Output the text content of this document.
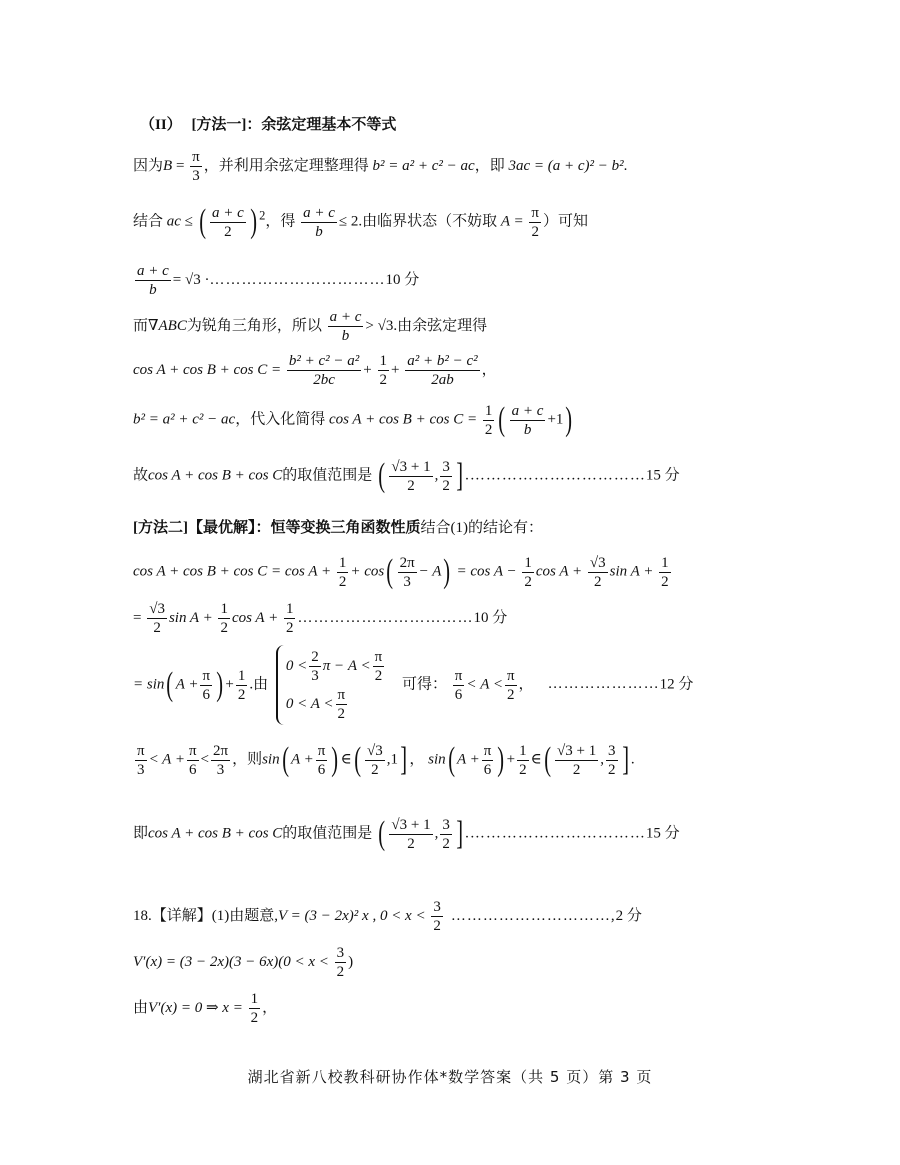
（II） [方法一]：余弦定理基本不等式
因为$B = \frac{\pi}{3}$ ，并利用余弦定理整理得 b² = a² + c² − ac，即 3ac = (a + c)² − b².
结合 ac ≤ ( $\frac{a + c}{2}$ ) $^2$，得 $\frac{a + c}{b} \le 2$.由临界状态（不妨取 $A = \frac{\pi}{2}$ ）可知
$\frac{a + c}{b} = √3$ ·……………………………10 分
而∇ABC为锐角三角形，所以 $\frac{a + c}{b} > √3$.由余弦定理得
$\cos A + \cos B + \cos C = \frac{\text{b² + c² − a²}}{2bc} + \frac{1}{2} + \frac{\text{a² + b² − c²}}{2ab}$ ，
b² = a² + c² − ac，代入化简得 $\cos A + \cos B + \cos C = \frac{1}{2}$ ( $\frac{a + c}{b} +1$)
故cos A + cos B + cos C的取值范围是 ( $\frac{√3 + 1}{2}$ , $\frac{3}{2}$ ] .……………………………15 分
[方法二]【最优解】：恒等变换三角函数性质结合(1)的结论有：
$\cos A + \cos B + \cos C = \cos A + \frac{1}{2} + \cos( \frac{2\pi}{3} - A) = \cos A - \frac{1}{2}$ $\cos A + \frac{√3}{2}$ $\sin A + \frac{1}{2}$
= $\frac{√3}{2}$ $\sin A + \frac{1}{2}$ $\cos A + \frac{1}{2}$ ……………………………10 分
= sin( $A + \frac{\pi}{6}$ ) + $\frac{1}{2}$ .由
$0 < \frac{2}{3}$ $\pi - A < \frac{\pi}{2}$
$0 < A < \frac{\pi}{2}$
可得： $\frac{\pi}{6} < A < \frac{\pi}{2}$ ， …………………12 分
$\frac{\pi}{3} < A + \frac{\pi}{6} < \frac{2\pi}{3}$ ，则sin( $A + \frac{\pi}{6}$ ) ∈( $\frac{√3}{2} ,1$] ， sin( $A + \frac{\pi}{6}$ ) + $\frac{1}{2}$ ∈( $\frac{√3 + 1}{2}$ , $\frac{3}{2}$ ] .
即cos A + cos B + cos C的取值范围是 ( $\frac{√3 + 1}{2}$ , $\frac{3}{2}$ ] .……………………………15 分
18.【详解】(1)由题意,V = (3 − 2x)² x , $0 < x < \frac{3}{2}$ …………………………,2 分
$V'(x) = (3 - 2x)(3 - 6x)(0 < x < \frac{3}{2}$ )
由V′(x) = 0 ⇒ $x = \frac{1}{2}$ ，
湖北省新八校教科研协作体*数学答案（共 5 页）第 3 页
